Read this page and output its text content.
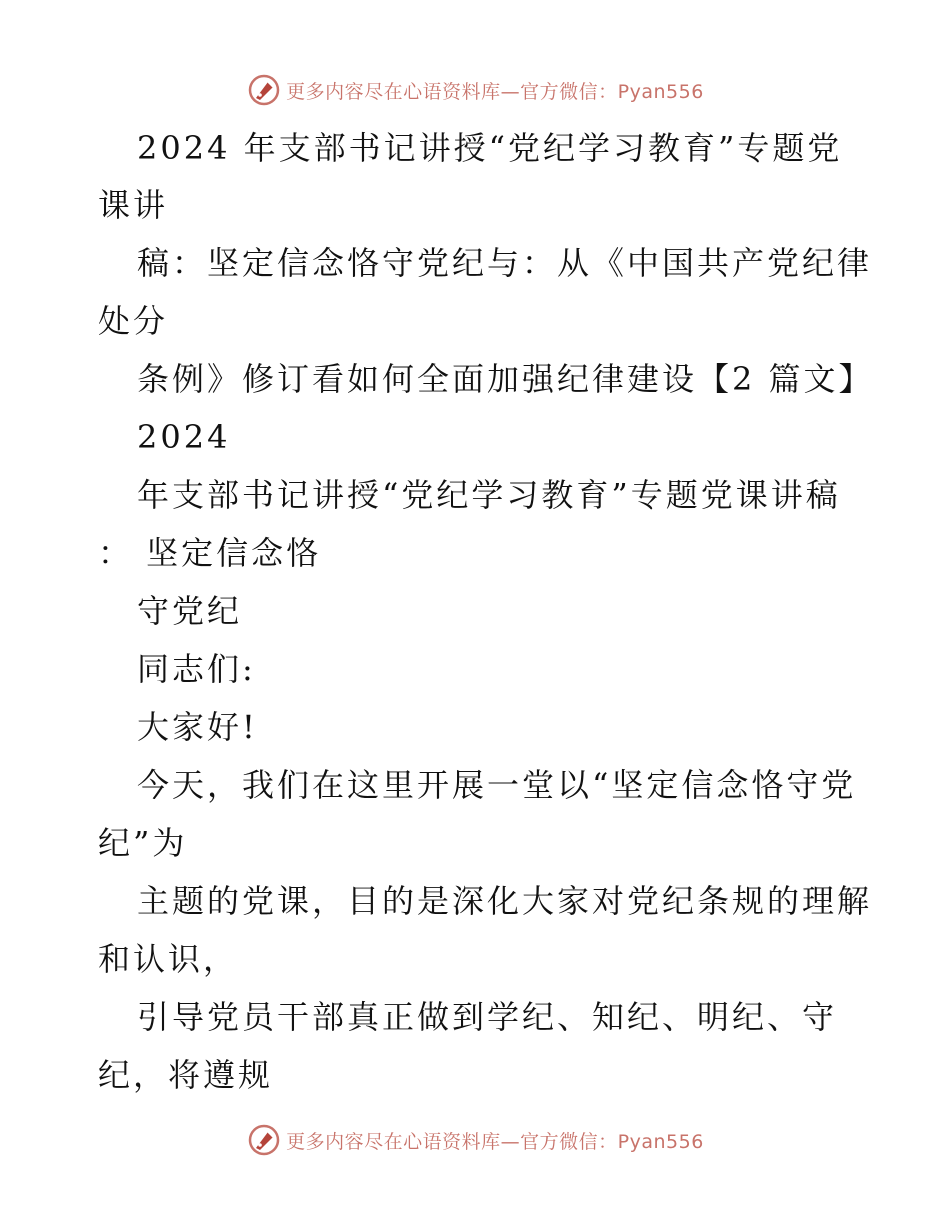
更多内容尽在心语资料库—官方微信：Pyan556
2024 年支部书记讲授“党纪学习教育”专题党
课讲
稿：坚定信念恪守党纪与：从《中国共产党纪律
处分
条例》修订看如何全面加强纪律建设【2 篇文】
2024
年支部书记讲授“党纪学习教育”专题党课讲稿
： 坚定信念恪
守党纪
同志们:
大家好!
今天，我们在这里开展一堂以“坚定信念恪守党
纪”为
主题的党课，目的是深化大家对党纪条规的理解
和认识，
引导党员干部真正做到学纪、知纪、明纪、守
纪，将遵规
更多内容尽在心语资料库—官方微信：Pyan556
